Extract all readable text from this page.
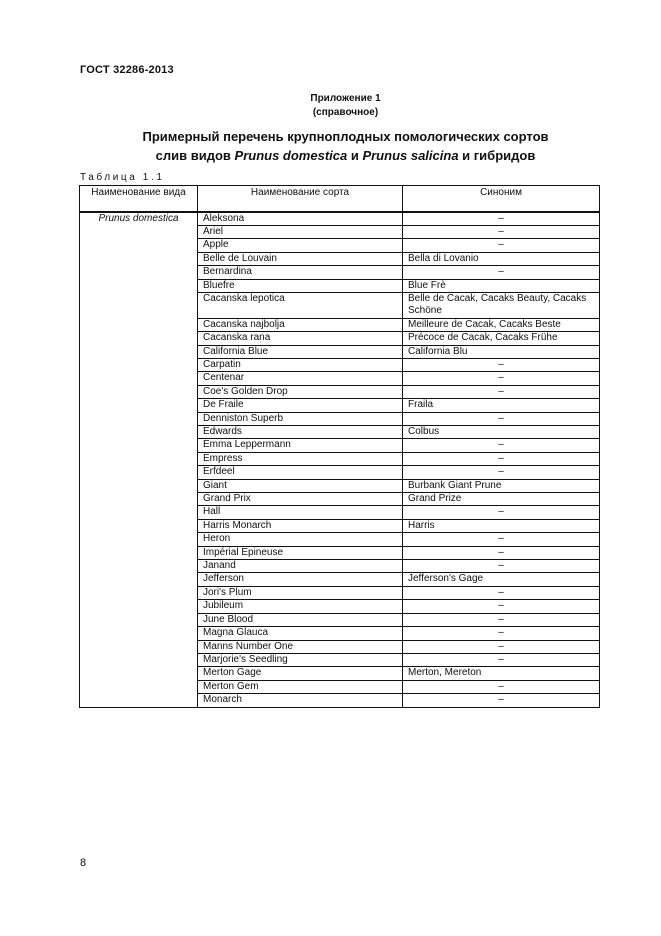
ГОСТ 32286-2013
Приложение 1
(справочное)
Примерный перечень крупноплодных помологических сортов
слив видов Prunus domestica и Prunus salicina и гибридов
Таблица 1.1
Наименование вида	Наименование сорта	Синоним
Prunus domestica	Aleksona	–
	Ariel	–
	Apple	–
	Belle de Louvain	Bella di Lovanio
	Bernardina	–
	Bluefre	Blue Frè
	Cacanska lepotica	Belle de Cacak, Cacaks Beauty, Cacaks Schöne
	Cacanska najbolja	Meilleure de Cacak, Cacaks Beste
	Cacanska rana	Précoce de Cacak, Cacaks Frühe
	California Blue	California Blu
	Carpatin	–
	Centenar	–
	Coe's Golden Drop	–
	De Fraile	Fraila
	Denniston Superb	–
	Edwards	Colbus
	Emma Leppermann	–
	Empress	–
	Erfdeel	–
	Giant	Burbank Giant Prune
	Grand Prix	Grand Prize
	Hall	–
	Harris Monarch	Harris
	Heron	–
	Impérial Epineuse	–
	Janand	–
	Jefferson	Jefferson's Gage
	Jori's Plum	–
	Jubileum	–
	June Blood	–
	Magna Glauca	–
	Manns Number One	–
	Marjorie's Seedling	–
	Merton Gage	Merton, Mereton
	Merton Gem	–
	Monarch	–
8
